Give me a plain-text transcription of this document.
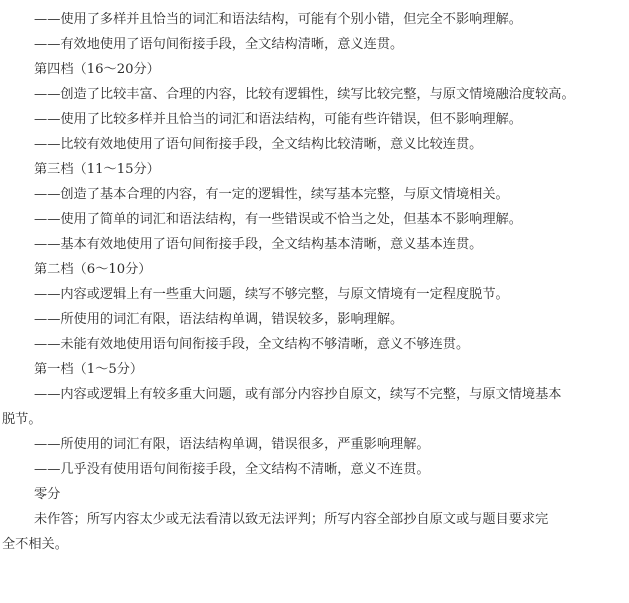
——使用了多样并且恰当的词汇和语法结构，可能有个别小错，但完全不影响理解。
——有效地使用了语句间衔接手段，全文结构清晰，意义连贯。
第四档（16～20分）
——创造了比较丰富、合理的内容，比较有逻辑性，续写比较完整，与原文情境融洽度较高。
——使用了比较多样并且恰当的词汇和语法结构，可能有些许错误，但不影响理解。
——比较有效地使用了语句间衔接手段，全文结构比较清晰，意义比较连贯。
第三档（11～15分）
——创造了基本合理的内容，有一定的逻辑性，续写基本完整，与原文情境相关。
——使用了简单的词汇和语法结构，有一些错误或不恰当之处，但基本不影响理解。
——基本有效地使用了语句间衔接手段，全文结构基本清晰，意义基本连贯。
第二档（6～10分）
——内容或逻辑上有一些重大问题，续写不够完整，与原文情境有一定程度脱节。
——所使用的词汇有限，语法结构单调，错误较多，影响理解。
——未能有效地使用语句间衔接手段，全文结构不够清晰，意义不够连贯。
第一档（1～5分）
——内容或逻辑上有较多重大问题，或有部分内容抄自原文，续写不完整，与原文情境基本
脱节。
——所使用的词汇有限，语法结构单调，错误很多，严重影响理解。
——几乎没有使用语句间衔接手段，全文结构不清晰，意义不连贯。
零分
未作答；所写内容太少或无法看清以致无法评判；所写内容全部抄自原文或与题目要求完
全不相关。
